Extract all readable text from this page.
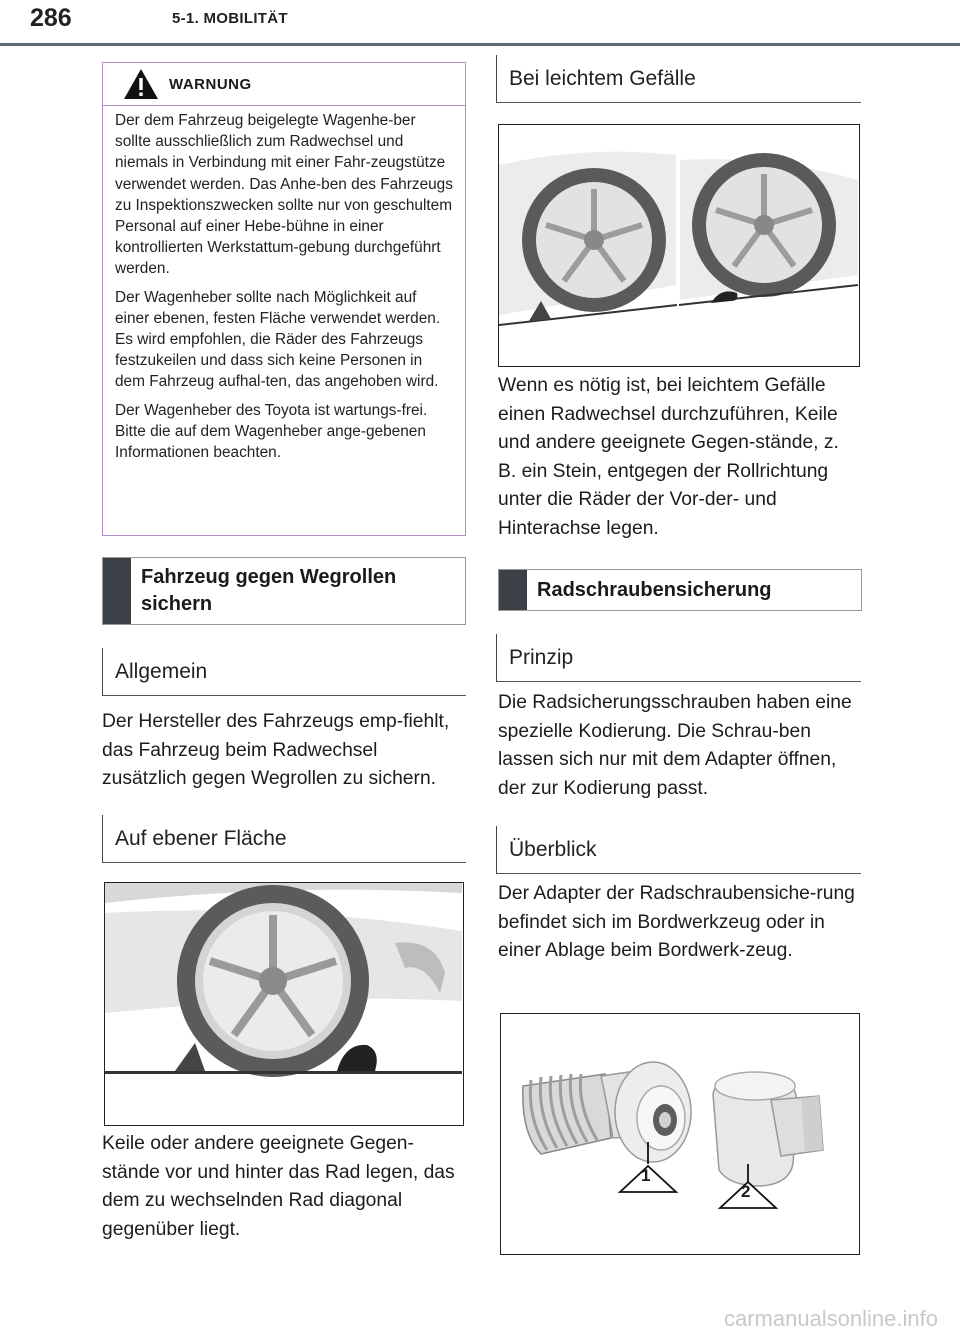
286	5-1. MOBILITÄT
WARNUNG

Der dem Fahrzeug beigelegte Wagenhe-ber sollte ausschließlich zum Radwechsel und niemals in Verbindung mit einer Fahr-zeugstütze verwendet werden. Das Anhe-ben des Fahrzeugs zu Inspektionszwecken sollte nur von geschultem Personal auf einer Hebe-bühne in einer kontrollierten Werkstattum-gebung durchgeführt werden.

Der Wagenheber sollte nach Möglichkeit auf einer ebenen, festen Fläche verwendet werden. Es wird empfohlen, die Räder des Fahrzeugs festzukeilen und dass sich keine Personen in dem Fahrzeug aufhal-ten, das angehoben wird.

Der Wagenheber des Toyota ist wartungs-frei. Bitte die auf dem Wagenheber ange-gebenen Informationen beachten.

Fahrzeug gegen Wegrollen sichern
Allgemein

Der Hersteller des Fahrzeugs emp-fiehlt, das Fahrzeug beim Radwechsel zusätzlich gegen Wegrollen zu sichern.

Auf ebener Fläche

Keile oder andere geeignete Gegen-stände vor und hinter das Rad legen, das dem zu wechselnden Rad diagonal gegenüber liegt.

Bei leichtem Gefälle

Wenn es nötig ist, bei leichtem Gefälle einen Radwechsel durchzuführen, Keile und andere geeignete Gegen-stände, z. B. ein Stein, entgegen der Rollrichtung unter die Räder der Vor-der- und Hinterachse legen.

Radschraubensicherung
Prinzip

Die Radsicherungsschrauben haben eine spezielle Kodierung. Die Schrau-ben lassen sich nur mit dem Adapter öffnen, der zur Kodierung passt.

Überblick

Der Adapter der Radschraubensiche-rung befindet sich im Bordwerkzeug oder in einer Ablage beim Bordwerk-zeug.

1
2
carmanualsonline.info
